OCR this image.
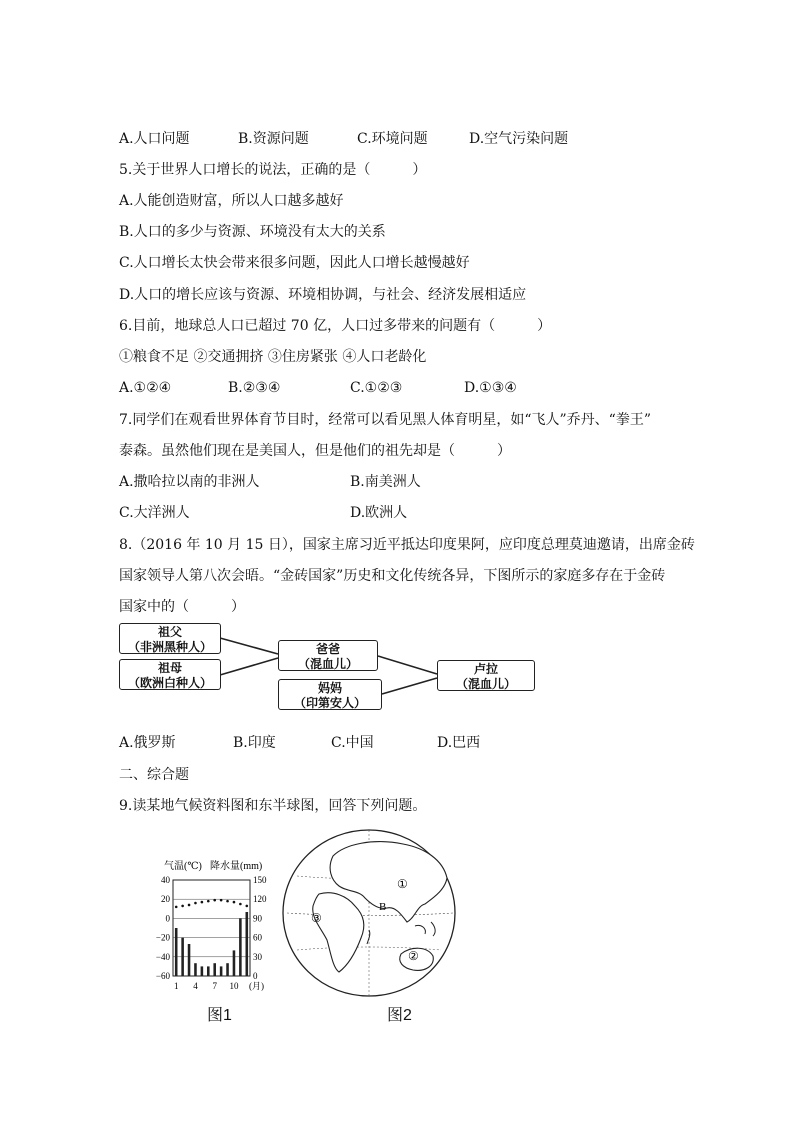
A.人口问题	B.资源问题	C.环境问题	D.空气污染问题
5.关于世界人口增长的说法，正确的是（　　　）
A.人能创造财富，所以人口越多越好
B.人口的多少与资源、环境没有太大的关系
C.人口增长太快会带来很多问题，因此人口增长越慢越好
D.人口的增长应该与资源、环境相协调，与社会、经济发展相适应
6.目前，地球总人口已超过 70 亿，人口过多带来的问题有（　　　）
①粮食不足 ②交通拥挤 ③住房紧张 ④人口老龄化
A.①②④	B.②③④	C.①②③	D.①③④
7.同学们在观看世界体育节目时，经常可以看见黑人体育明星，如“飞人”乔丹、“拳王”
泰森。虽然他们现在是美国人，但是他们的祖先却是（　　　）
A.撒哈拉以南的非洲人	B.南美洲人
C.大洋洲人	D.欧洲人
8.（2016 年 10 月 15 日），国家主席习近平抵达印度果阿，应印度总理莫迪邀请，出席金砖
国家领导人第八次会晤。“金砖国家”历史和文化传统各异，下图所示的家庭多存在于金砖
国家中的（　　　）
祖父
（非洲黑种人）
祖母
（欧洲白种人）
爸爸
（混血儿）
妈妈
（印第安人）
卢拉
（混血儿）
A.俄罗斯	B.印度	C.中国	D.巴西
二、综合题
9.读某地气候资料图和东半球图，回答下列问题。
气温(℃) 降水量(mm)
40
20
0
−20
−40
−60
150
120
90
60
30
0
1 4 7 10 (月)
①
③
B
②
图1	图2
